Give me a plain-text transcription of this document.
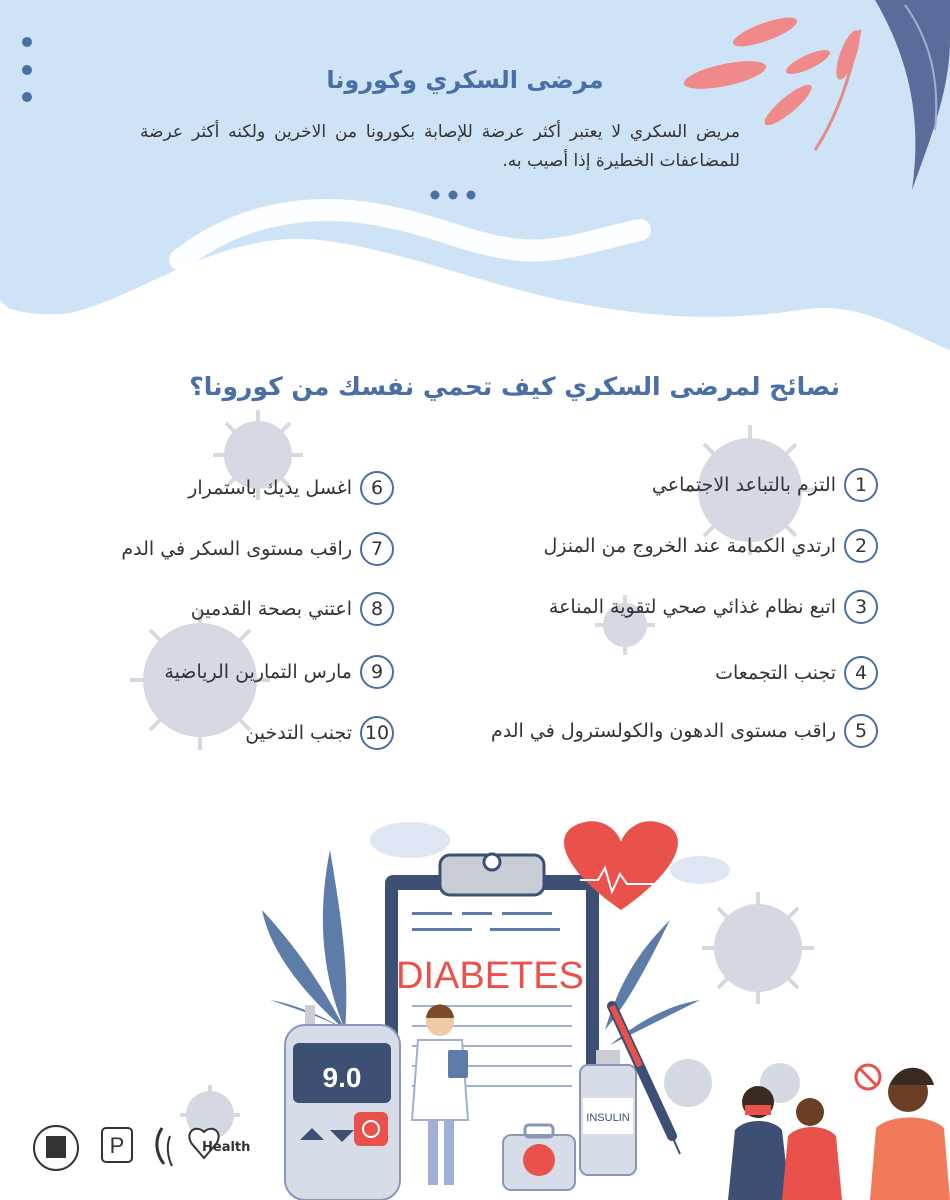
مرضى السكري وكورونا
مريض السكري لا يعتبر أكثر عرضة للإصابة بكورونا من الاخرين ولكنه أكثر عرضة للمضاعفات الخطيرة إذا أصيب به.
نصائح لمرضى السكري كيف تحمي نفسك من كورونا؟
1
التزم بالتباعد الاجتماعي
2
ارتدي الكمامة عند الخروج من المنزل
3
اتبع نظام غذائي صحي لتقوية المناعة
4
تجنب التجمعات
5
راقب مستوى الدهون والكولسترول في الدم
6
اغسل يديك باستمرار
7
راقب مستوى السكر في الدم
8
اعتني بصحة القدمين
9
مارس التمارين الرياضية
10
تجنب التدخين
DIABETES
9.0
INSULIN
P	Health
